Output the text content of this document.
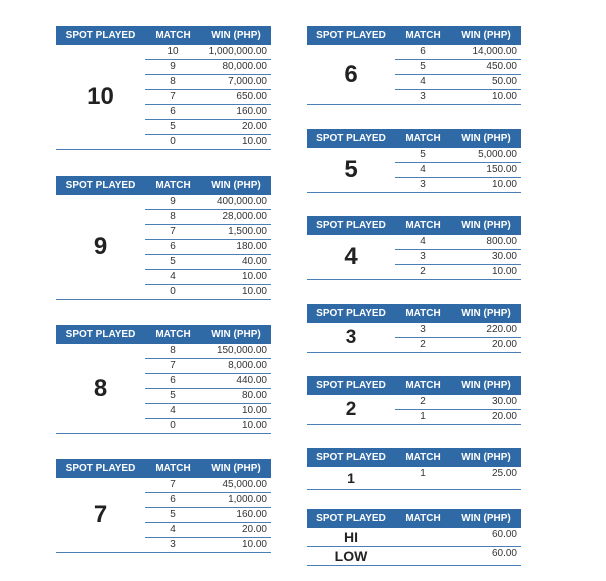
SPOT PLAYED	MATCH	WIN (PHP)
10	10	1,000,000.00
	9	80,000.00
	8	7,000.00
	7	650.00
	6	160.00
	5	20.00
	0	10.00
SPOT PLAYED	MATCH	WIN (PHP)
9	9	400,000.00
	8	28,000.00
	7	1,500.00
	6	180.00
	5	40.00
	4	10.00
	0	10.00
SPOT PLAYED	MATCH	WIN (PHP)
8	8	150,000.00
	7	8,000.00
	6	440.00
	5	80.00
	4	10.00
	0	10.00
SPOT PLAYED	MATCH	WIN (PHP)
7	7	45,000.00
	6	1,000.00
	5	160.00
	4	20.00
	3	10.00
SPOT PLAYED	MATCH	WIN (PHP)
6	6	14,000.00
	5	450.00
	4	50.00
	3	10.00
SPOT PLAYED	MATCH	WIN (PHP)
5	5	5,000.00
	4	150.00
	3	10.00
SPOT PLAYED	MATCH	WIN (PHP)
4	4	800.00
	3	30.00
	2	10.00
SPOT PLAYED	MATCH	WIN (PHP)
3	3	220.00
	2	20.00
SPOT PLAYED	MATCH	WIN (PHP)
2	2	30.00
	1	20.00
SPOT PLAYED	MATCH	WIN (PHP)
1	1	25.00
SPOT PLAYED	MATCH	WIN (PHP)
HI		60.00
LOW		60.00
